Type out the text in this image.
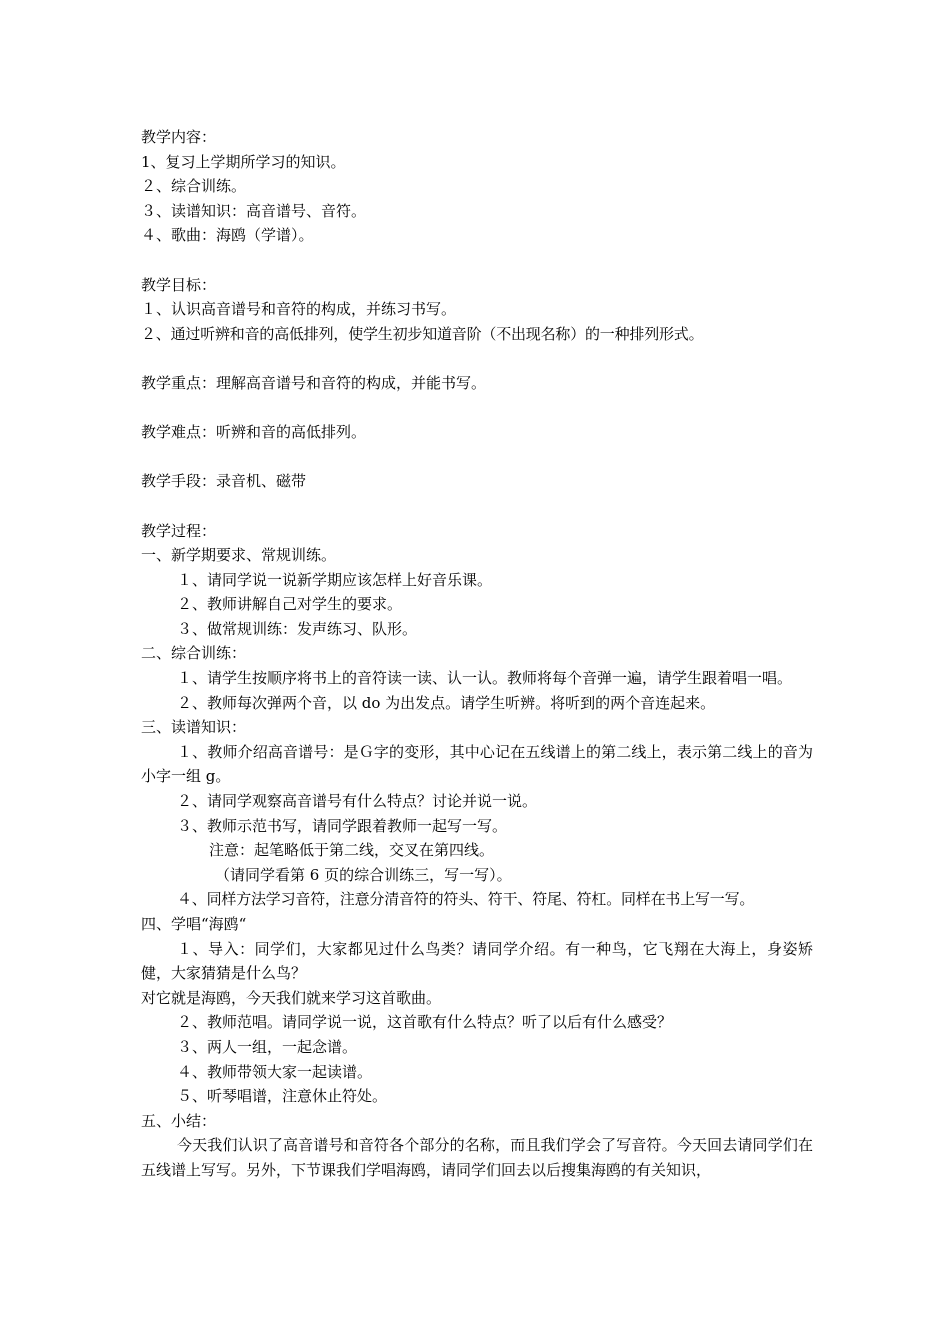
教学内容：
1、复习上学期所学习的知识。
２、综合训练。
３、读谱知识：高音谱号、音符。
４、歌曲：海鸥（学谱）。
教学目标：
１、认识高音谱号和音符的构成，并练习书写。
２、通过听辨和音的高低排列，使学生初步知道音阶（不出现名称）的一种排列形式。
教学重点：理解高音谱号和音符的构成，并能书写。
教学难点：听辨和音的高低排列。
教学手段：录音机、磁带
教学过程：
一、新学期要求、常规训练。
１、请同学说一说新学期应该怎样上好音乐课。
２、教师讲解自己对学生的要求。
３、做常规训练：发声练习、队形。
二、综合训练：
１、请学生按顺序将书上的音符读一读、认一认。教师将每个音弹一遍，请学生跟着唱一唱。
２、教师每次弹两个音，以 do 为出发点。请学生听辨。将听到的两个音连起来。
三、读谱知识：
１、教师介绍高音谱号：是Ｇ字的变形，其中心记在五线谱上的第二线上，表示第二线上的音为小字一组 g。
２、请同学观察高音谱号有什么特点？讨论并说一说。
３、教师示范书写，请同学跟着教师一起写一写。
注意：起笔略低于第二线，交叉在第四线。
（请同学看第 6 页的综合训练三，写一写）。
４、同样方法学习音符，注意分清音符的符头、符干、符尾、符杠。同样在书上写一写。
四、学唱“海鸥“
１、导入：同学们，大家都见过什么鸟类？请同学介绍。有一种鸟，它飞翔在大海上，身姿矫健，大家猜猜是什么鸟？
对它就是海鸥，今天我们就来学习这首歌曲。
２、教师范唱。请同学说一说，这首歌有什么特点？听了以后有什么感受？
３、两人一组，一起念谱。
４、教师带领大家一起读谱。
５、听琴唱谱，注意休止符处。
五、小结：
今天我们认识了高音谱号和音符各个部分的名称，而且我们学会了写音符。今天回去请同学们在五线谱上写写。另外，下节课我们学唱海鸥，请同学们回去以后搜集海鸥的有关知识，
